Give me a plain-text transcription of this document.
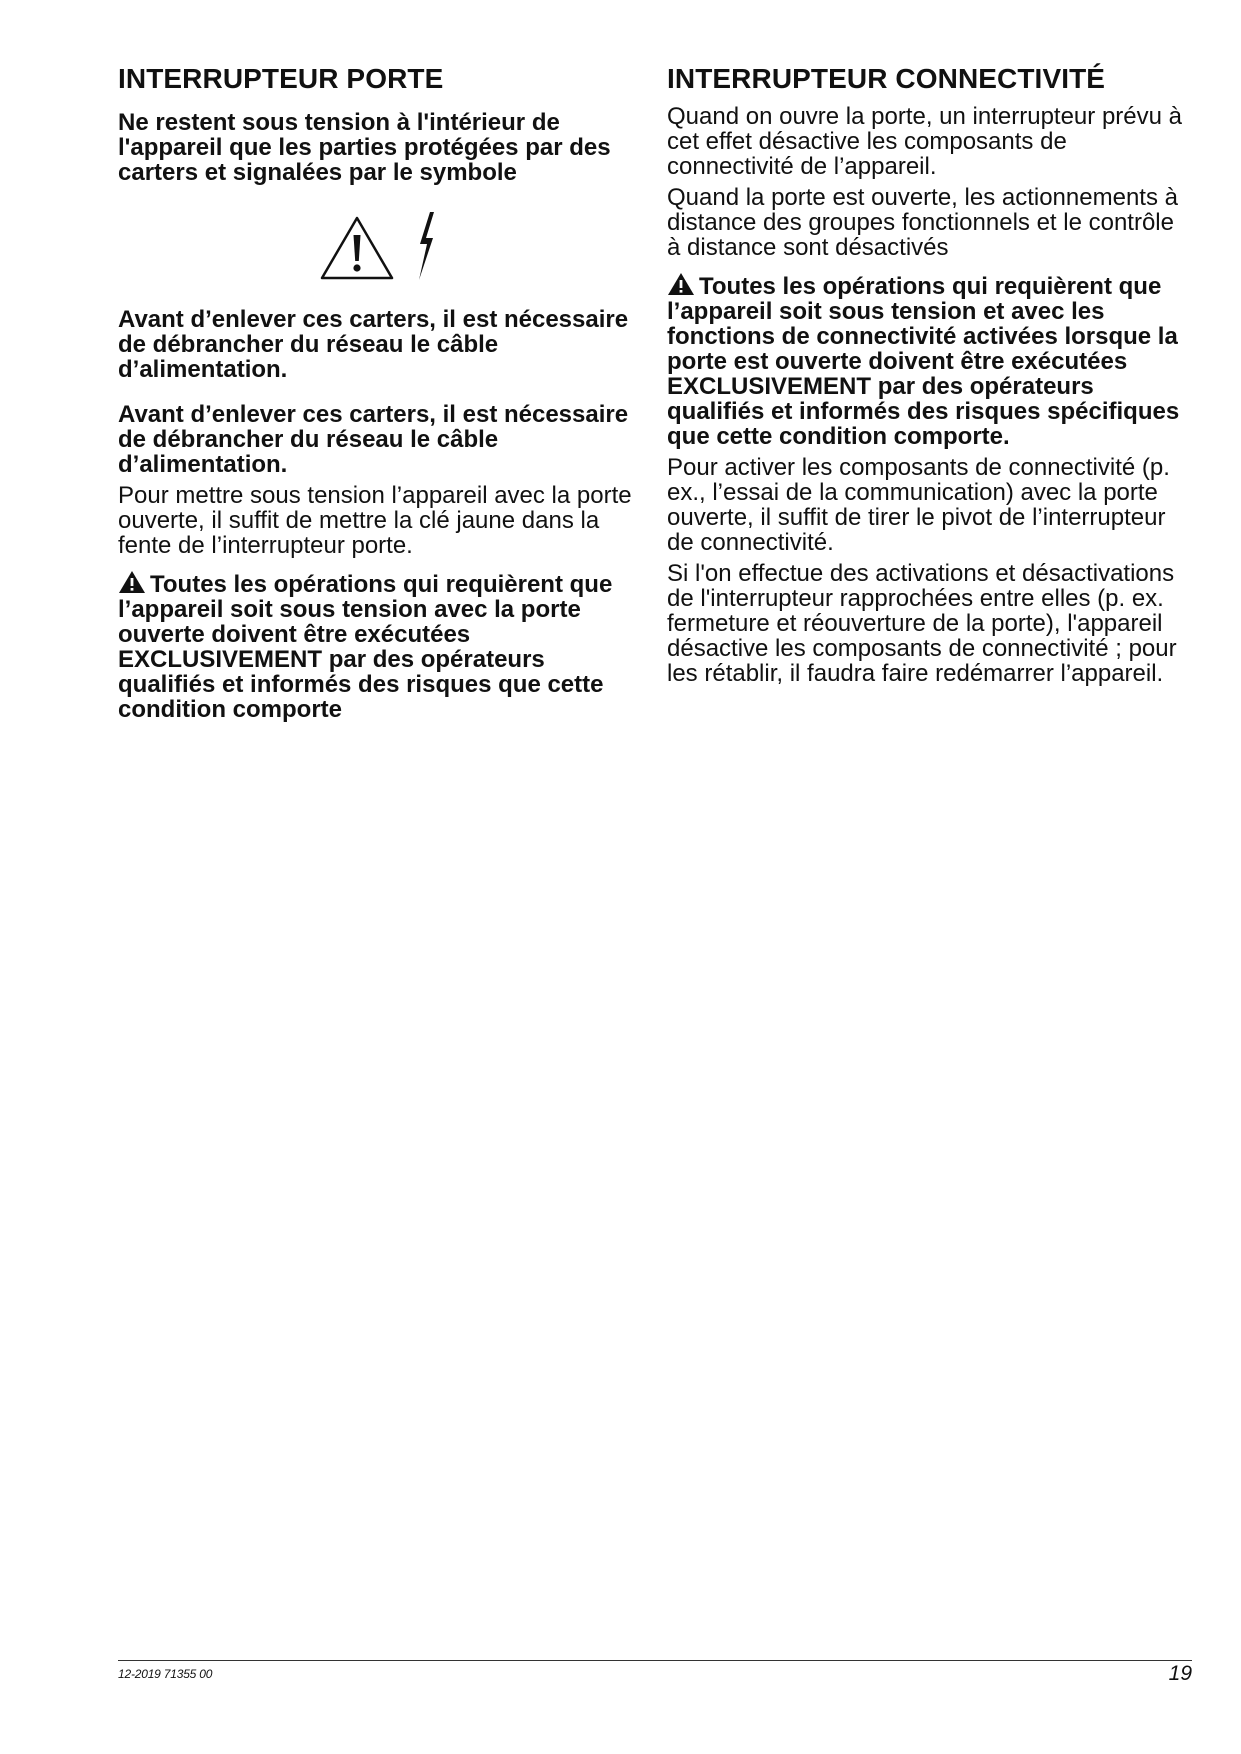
INTERRUPTEUR PORTE

Ne restent sous tension à l'intérieur de l'appareil que les parties protégées par des carters et signalées par le symbole

Avant d’enlever ces carters, il est nécessaire de débrancher du réseau le câble d’alimentation.

Avant d’enlever ces carters, il est nécessaire de débrancher du réseau le câble d’alimentation.

Pour mettre sous tension l’appareil avec la porte ouverte, il suffit de mettre la clé jaune dans la fente de l’interrupteur porte.

Toutes les opérations qui requièrent que l’appareil soit sous tension avec la porte ouverte doivent être exécutées EXCLUSIVEMENT par des opérateurs qualifiés et informés des risques que cette condition comporte

INTERRUPTEUR CONNECTIVITÉ

Quand on ouvre la porte, un interrupteur prévu à cet effet désactive les composants de connectivité de l’appareil.

Quand la porte est ouverte, les actionnements à distance des groupes fonctionnels et le contrôle à distance sont désactivés

Toutes les opérations qui requièrent que l’appareil soit sous tension et avec les fonctions de connectivité activées lorsque la porte est ouverte doivent être exécutées EXCLUSIVEMENT par des opérateurs qualifiés et informés des risques spécifiques que cette condition comporte.

Pour activer les composants de connectivité (p. ex., l’essai de la communication) avec la porte ouverte, il suffit de tirer le pivot de l’interrupteur de connectivité.

Si l'on effectue des activations et désactivations de l'interrupteur rapprochées entre elles (p. ex. fermeture et réouverture de la porte), l'appareil désactive les composants de connectivité ; pour les rétablir, il faudra faire redémarrer l’appareil.

12-2019 71355 00	19
